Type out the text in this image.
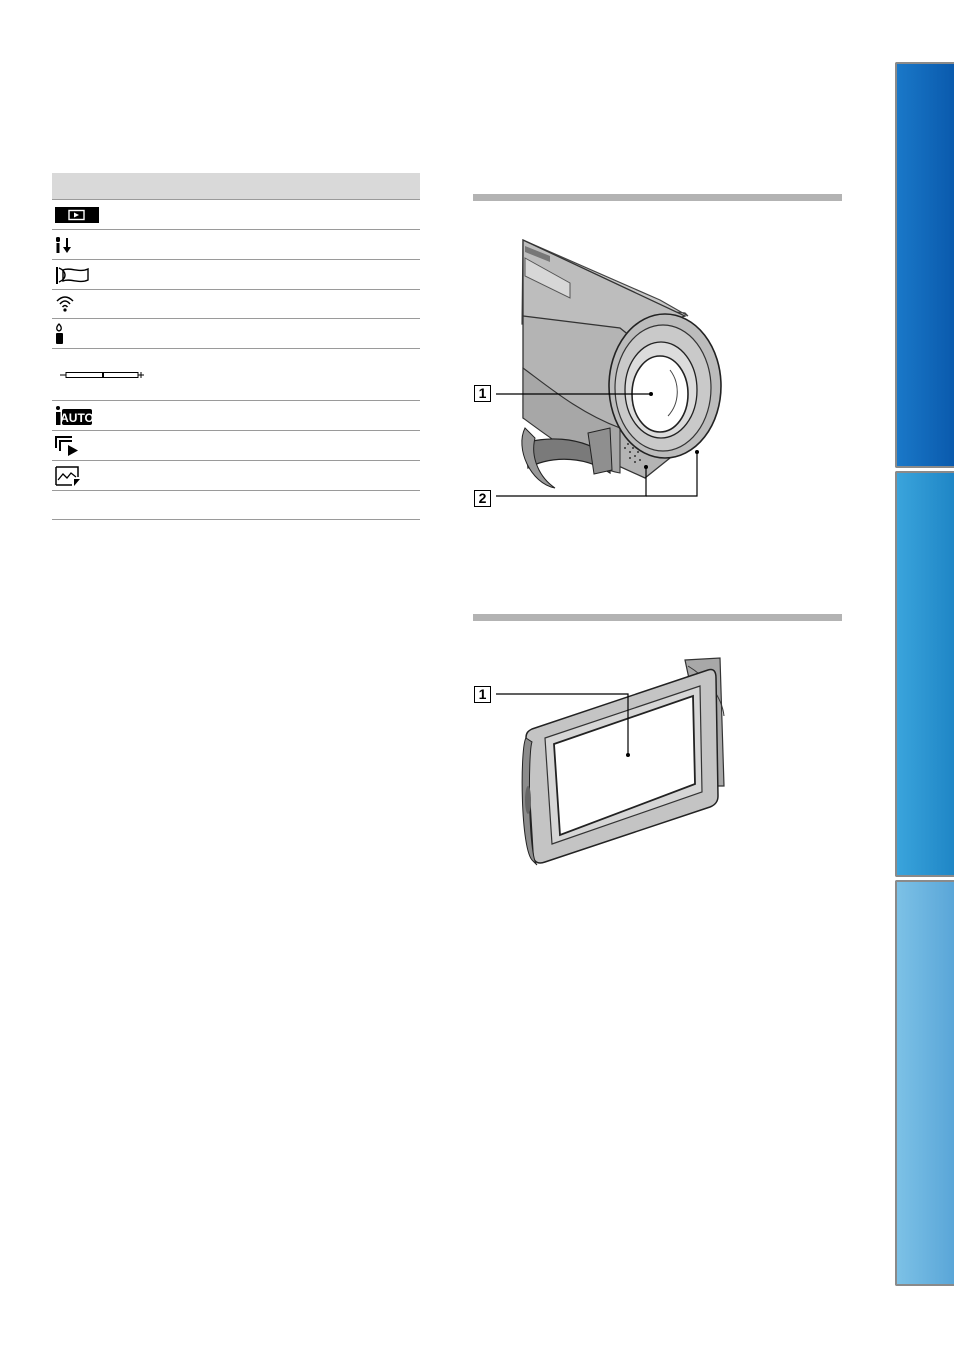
AUTO
1
2
1
